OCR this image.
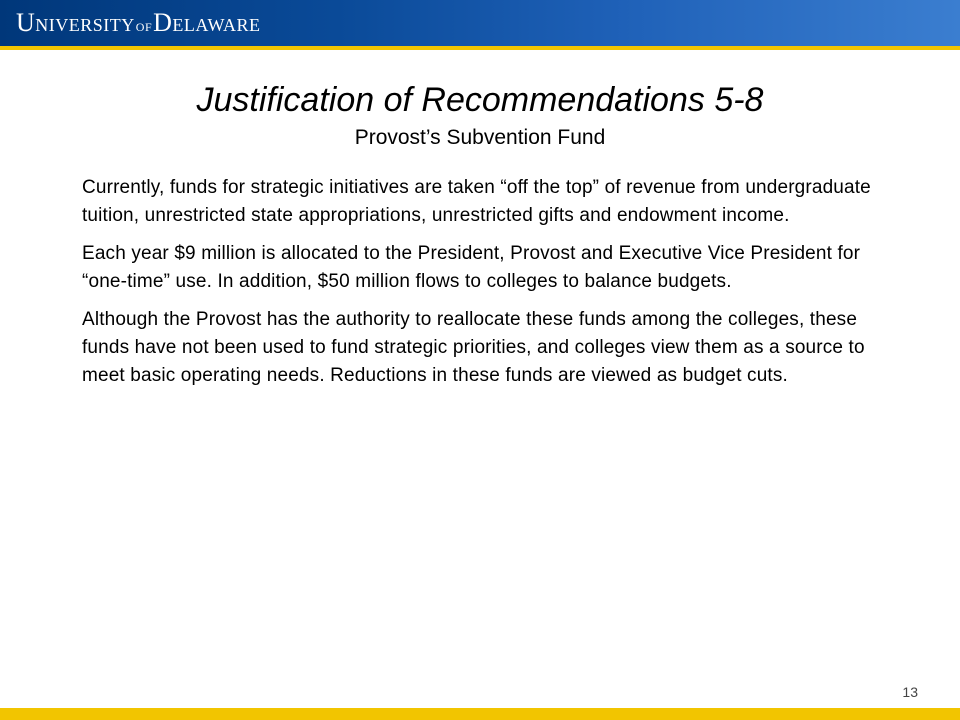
UNIVERSITYOFDELAWARE
Justification of Recommendations 5-8
Provost’s Subvention Fund

Currently, funds for strategic initiatives are taken “off the top” of revenue from undergraduate tuition, unrestricted state appropriations, unrestricted gifts and endowment income.

Each year $9 million is allocated to the President, Provost and Executive Vice President for “one-time” use. In addition, $50 million flows to colleges to balance budgets.

Although the Provost has the authority to reallocate these funds among the colleges, these funds have not been used to fund strategic priorities, and colleges view them as a source to meet basic operating needs. Reductions in these funds are viewed as budget cuts.

13
